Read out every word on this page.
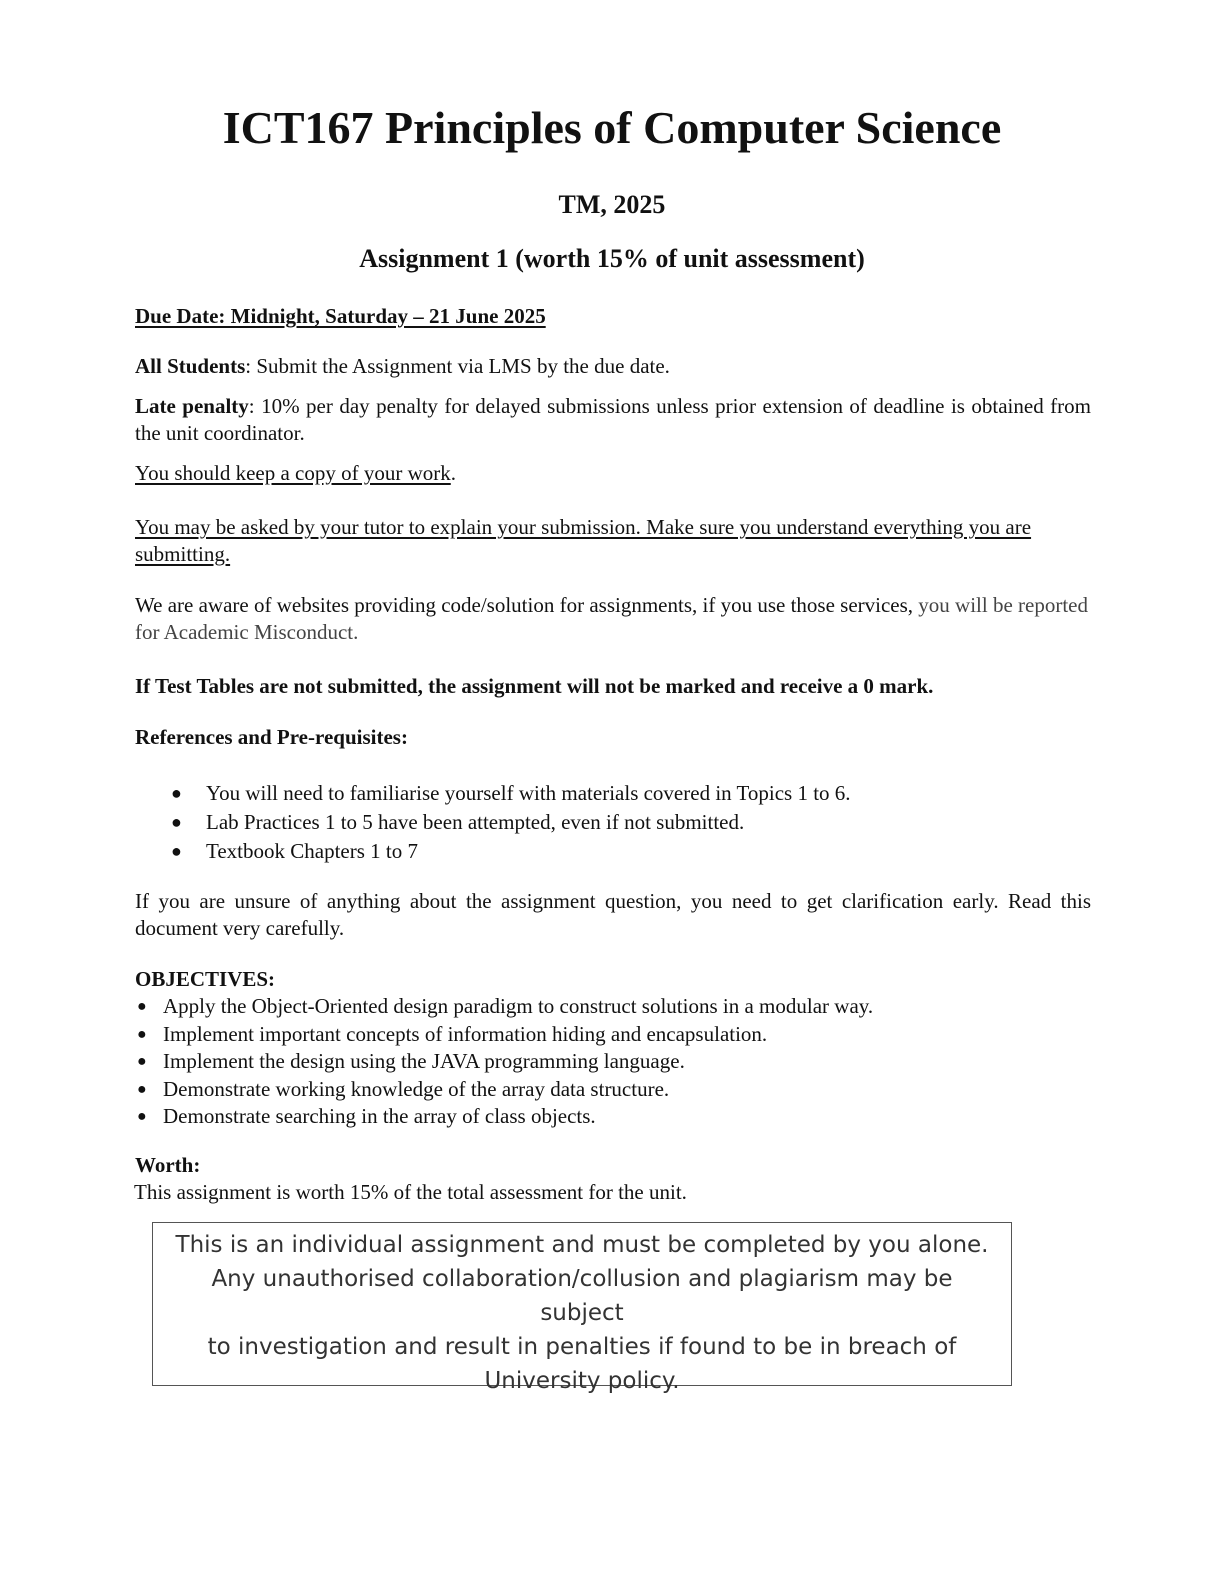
ICT167 Principles of Computer Science
TM, 2025
Assignment 1 (worth 15% of unit assessment)

Due Date: Midnight, Saturday – 21 June 2025

All Students: Submit the Assignment via LMS by the due date.

Late penalty: 10% per day penalty for delayed submissions unless prior extension of deadline is obtained from the unit coordinator.

You should keep a copy of your work.

You may be asked by your tutor to explain your submission. Make sure you understand everything you are submitting.

We are aware of websites providing code/solution for assignments, if you use those services, you will be reported for Academic Misconduct.

If Test Tables are not submitted, the assignment will not be marked and receive a 0 mark.

References and Pre-requisites:

● You will need to familiarise yourself with materials covered in Topics 1 to 6.
● Lab Practices 1 to 5 have been attempted, even if not submitted.
● Textbook Chapters 1 to 7

If you are unsure of anything about the assignment question, you need to get clarification early. Read this document very carefully.

OBJECTIVES:

● Apply the Object-Oriented design paradigm to construct solutions in a modular way.
● Implement important concepts of information hiding and encapsulation.
● Implement the design using the JAVA programming language.
● Demonstrate working knowledge of the array data structure.
● Demonstrate searching in the array of class objects.

Worth:

This assignment is worth 15% of the total assessment for the unit.

This is an individual assignment and must be completed by you alone.
Any unauthorised collaboration/collusion and plagiarism may be subject
to investigation and result in penalties if found to be in breach of
University policy.
